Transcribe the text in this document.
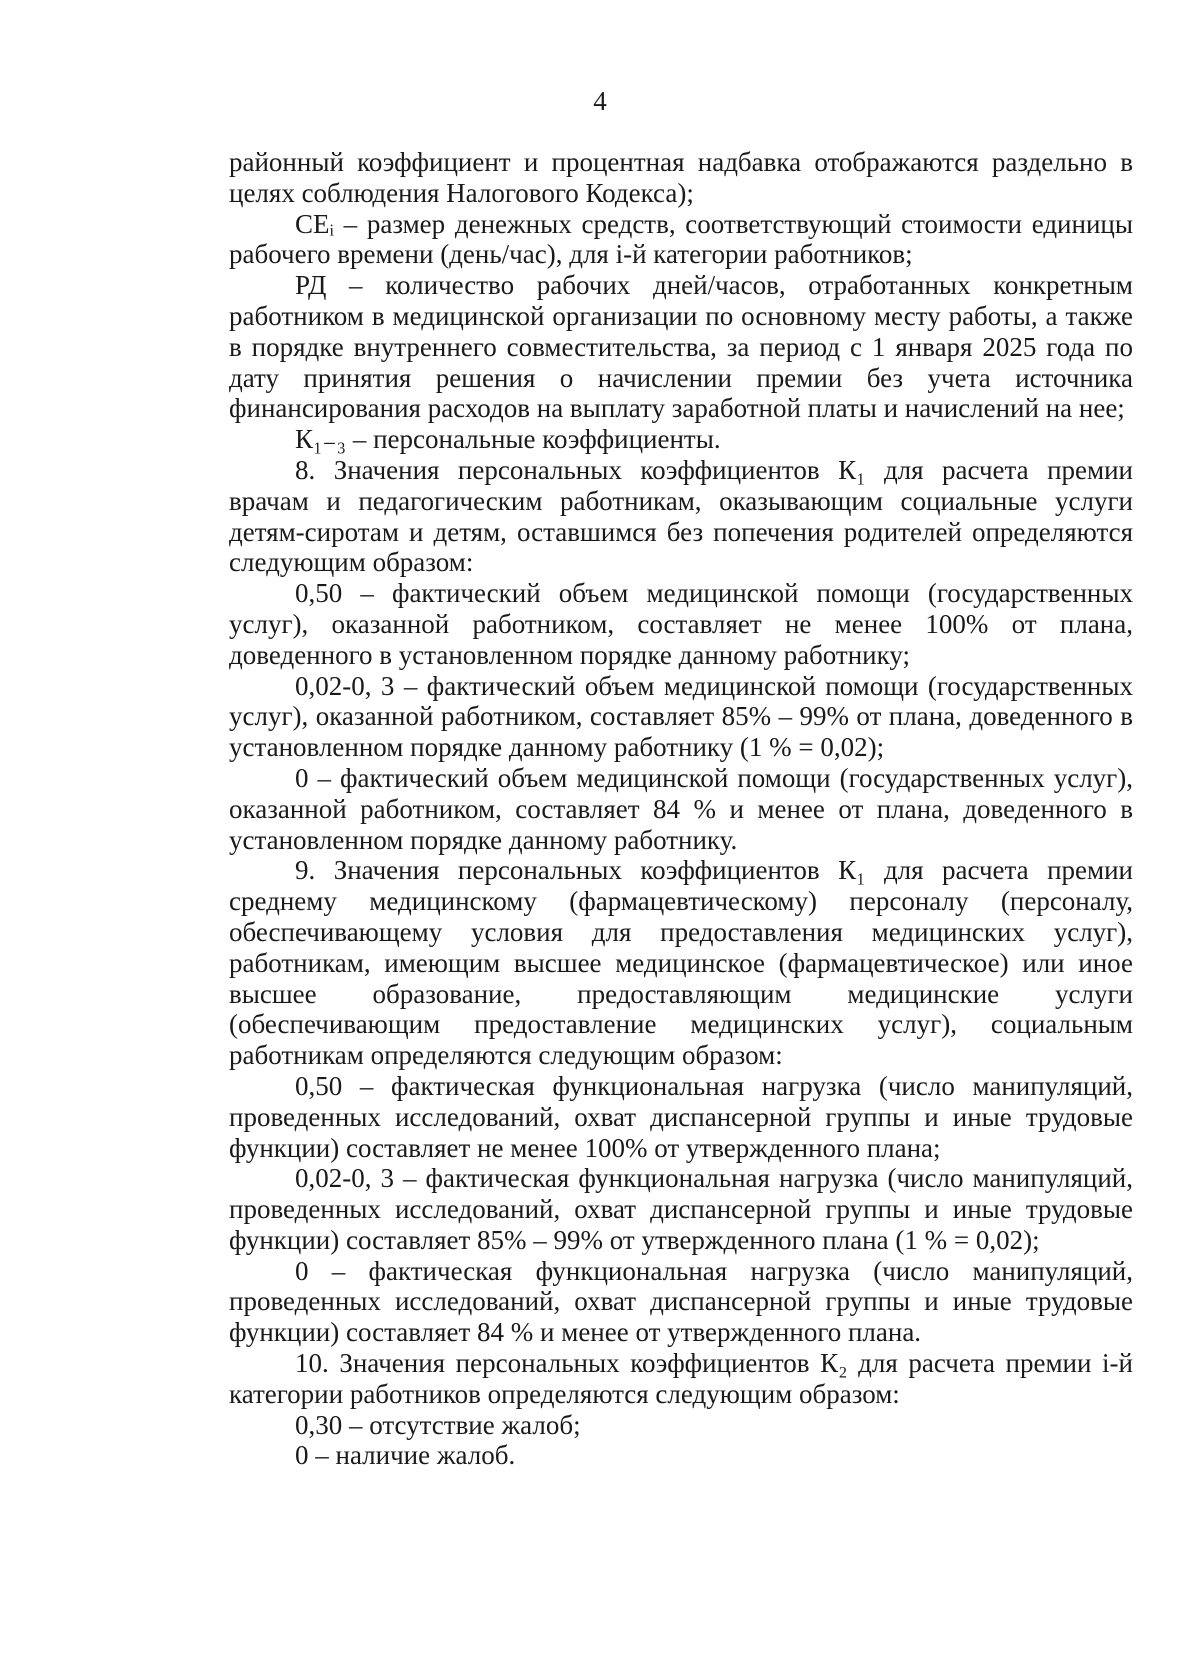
4

районный коэффициент и процентная надбавка отображаются раздельно в целях соблюдения Налогового Кодекса);

СЕᵢ – размер денежных средств, соответствующий стоимости единицы рабочего времени (день/час), для i-й категории работников;

РД – количество рабочих дней/часов, отработанных конкретным работником в медицинской организации по основному месту работы, а также в порядке внутреннего совместительства, за период с 1 января 2025 года по дату принятия решения о начислении премии без учета источника финансирования расходов на выплату заработной платы и начислений на нее;

К₁₋₃ – персональные коэффициенты.

8. Значения персональных коэффициентов К₁ для расчета премии врачам и педагогическим работникам, оказывающим социальные услуги детям-сиротам и детям, оставшимся без попечения родителей определяются следующим образом:

0,50 – фактический объем медицинской помощи (государственных услуг), оказанной работником, составляет не менее 100% от плана, доведенного в установленном порядке данному работнику;

0,02-0, 3 – фактический объем медицинской помощи (государственных услуг), оказанной работником, составляет 85% – 99% от плана, доведенного в установленном порядке данному работнику (1 % = 0,02);

0 – фактический объем медицинской помощи (государственных услуг), оказанной работником, составляет 84 % и менее от плана, доведенного в установленном порядке данному работнику.

9. Значения персональных коэффициентов К₁ для расчета премии среднему медицинскому (фармацевтическому) персоналу (персоналу, обеспечивающему условия для предоставления медицинских услуг), работникам, имеющим высшее медицинское (фармацевтическое) или иное высшее образование, предоставляющим медицинские услуги (обеспечивающим предоставление медицинских услуг), социальным работникам определяются следующим образом:

0,50 – фактическая функциональная нагрузка (число манипуляций, проведенных исследований, охват диспансерной группы и иные трудовые функции) составляет не менее 100% от утвержденного плана;

0,02-0, 3 – фактическая функциональная нагрузка (число манипуляций, проведенных исследований, охват диспансерной группы и иные трудовые функции) составляет 85% – 99% от утвержденного плана (1 % = 0,02);

0 – фактическая функциональная нагрузка (число манипуляций, проведенных исследований, охват диспансерной группы и иные трудовые функции) составляет 84 % и менее от утвержденного плана.

10. Значения персональных коэффициентов К₂ для расчета премии i-й категории работников определяются следующим образом:

0,30 – отсутствие жалоб;

0 – наличие жалоб.
